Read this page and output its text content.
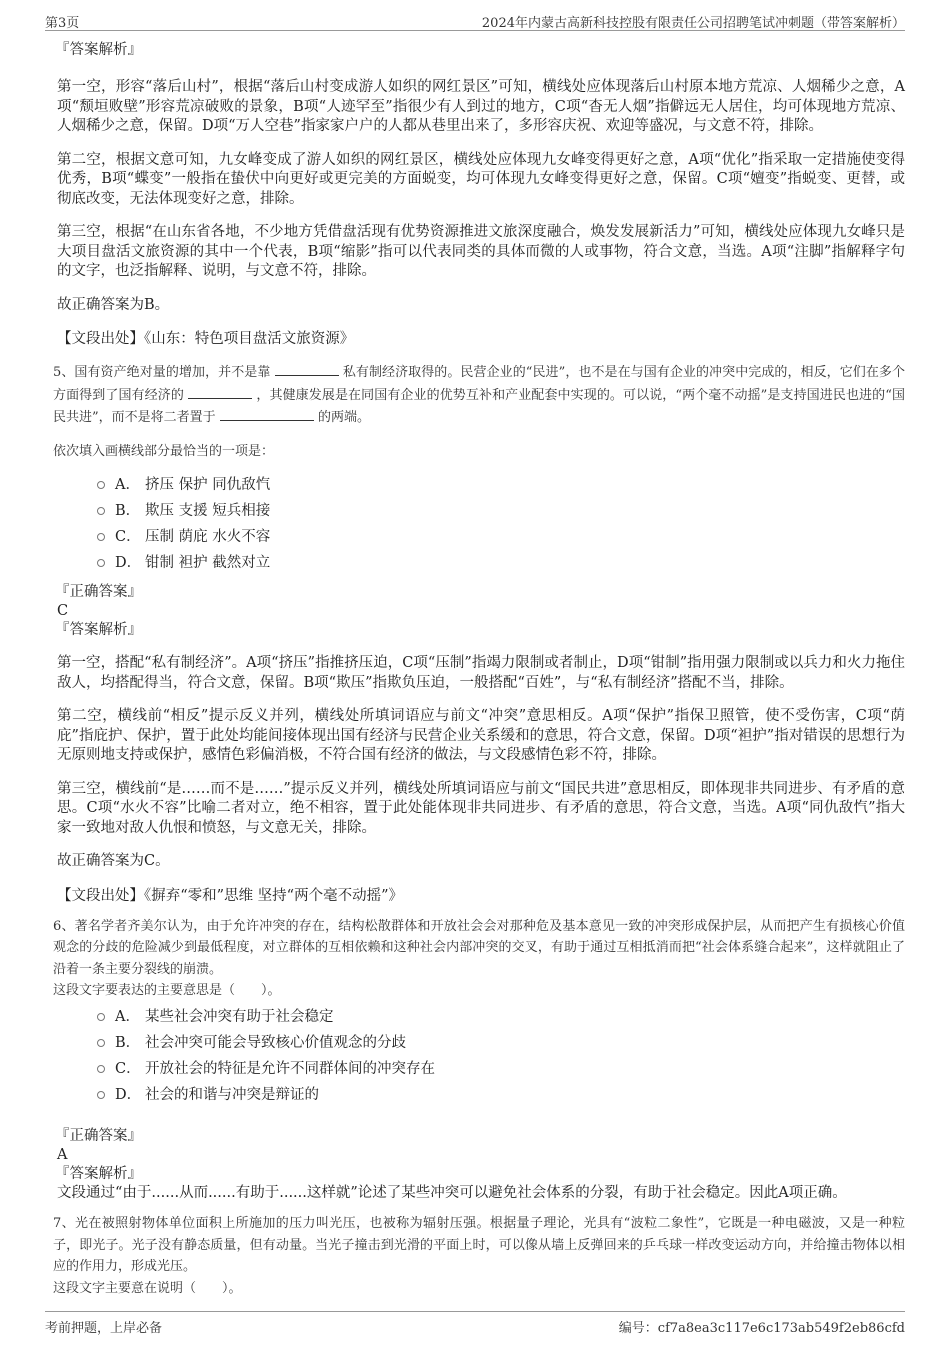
第3页	2024年内蒙古高新科技控股有限责任公司招聘笔试冲刺题（带答案解析）

『答案解析』

第一空，形容“落后山村”，根据“落后山村变成游人如织的网红景区”可知，横线处应体现落后山村原本地方荒凉、人烟稀少之意，A项“颓垣败壁”形容荒凉破败的景象，B项“人迹罕至”指很少有人到过的地方，C项“杳无人烟”指僻远无人居住，均可体现地方荒凉、人烟稀少之意，保留。D项“万人空巷”指家家户户的人都从巷里出来了，多形容庆祝、欢迎等盛况，与文意不符，排除。

第二空，根据文意可知，九女峰变成了游人如织的网红景区，横线处应体现九女峰变得更好之意，A项“优化”指采取一定措施使变得优秀，B项“蝶变”一般指在蛰伏中向更好或更完美的方面蜕变，均可体现九女峰变得更好之意，保留。C项“嬗变”指蜕变、更替，或彻底改变，无法体现变好之意，排除。

第三空，根据“在山东省各地，不少地方凭借盘活现有优势资源推进文旅深度融合，焕发发展新活力”可知，横线处应体现九女峰只是大项目盘活文旅资源的其中一个代表，B项“缩影”指可以代表同类的具体而微的人或事物，符合文意，当选。A项“注脚”指解释字句的文字，也泛指解释、说明，与文意不符，排除。

故正确答案为B。

【文段出处】《山东：特色项目盘活文旅资源》

5、国有资产绝对量的增加，并不是靠	私有制经济取得的。民营企业的“民进”，也不是在与国有企业的冲突中完成的，相反，它们在多个方面得到了国有经济的	，其健康发展是在同国有企业的优势互补和产业配套中实现的。可以说，“两个毫不动摇”是支持国进民也进的“国民共进”，而不是将二者置于	的两端。

依次填入画横线部分最恰当的一项是：

A． 挤压 保护 同仇敌忾
B． 欺压 支援 短兵相接
C． 压制 荫庇 水火不容
D． 钳制 袒护 截然对立

『正确答案』

C

『答案解析』

第一空，搭配“私有制经济”。A项“挤压”指推挤压迫，C项“压制”指竭力限制或者制止，D项“钳制”指用强力限制或以兵力和火力拖住敌人，均搭配得当，符合文意，保留。B项“欺压”指欺负压迫，一般搭配“百姓”，与“私有制经济”搭配不当，排除。

第二空，横线前“相反”提示反义并列，横线处所填词语应与前文“冲突”意思相反。A项“保护”指保卫照管，使不受伤害，C项“荫庇”指庇护、保护，置于此处均能间接体现出国有经济与民营企业关系缓和的意思，符合文意，保留。D项“袒护”指对错误的思想行为无原则地支持或保护，感情色彩偏消极，不符合国有经济的做法，与文段感情色彩不符，排除。

第三空，横线前“是……而不是……”提示反义并列，横线处所填词语应与前文“国民共进”意思相反，即体现非共同进步、有矛盾的意思。C项“水火不容”比喻二者对立，绝不相容，置于此处能体现非共同进步、有矛盾的意思，符合文意，当选。A项“同仇敌忾”指大家一致地对敌人仇恨和愤怒，与文意无关，排除。

故正确答案为C。

【文段出处】《摒弃“零和”思维 坚持“两个毫不动摇”》

6、著名学者齐美尔认为，由于允许冲突的存在，结构松散群体和开放社会会对那种危及基本意见一致的冲突形成保护层，从而把产生有损核心价值观念的分歧的危险减少到最低程度，对立群体的互相依赖和这种社会内部冲突的交叉，有助于通过互相抵消而把“社会体系缝合起来”，这样就阻止了沿着一条主要分裂线的崩溃。

这段文字要表达的主要意思是（　　）。

A． 某些社会冲突有助于社会稳定
B． 社会冲突可能会导致核心价值观念的分歧
C． 开放社会的特征是允许不同群体间的冲突存在
D． 社会的和谐与冲突是辩证的

『正确答案』

A

『答案解析』

文段通过“由于......从而......有助于......这样就”论述了某些冲突可以避免社会体系的分裂，有助于社会稳定。因此A项正确。

7、光在被照射物体单位面积上所施加的压力叫光压，也被称为辐射压强。根据量子理论，光具有“波粒二象性”，它既是一种电磁波，又是一种粒子，即光子。光子没有静态质量，但有动量。当光子撞击到光滑的平面上时，可以像从墙上反弹回来的乒乓球一样改变运动方向，并给撞击物体以相应的作用力，形成光压。

这段文字主要意在说明（　　）。

考前押题，上岸必备	编号：cf7a8ea3c117e6c173ab549f2eb86cfd
